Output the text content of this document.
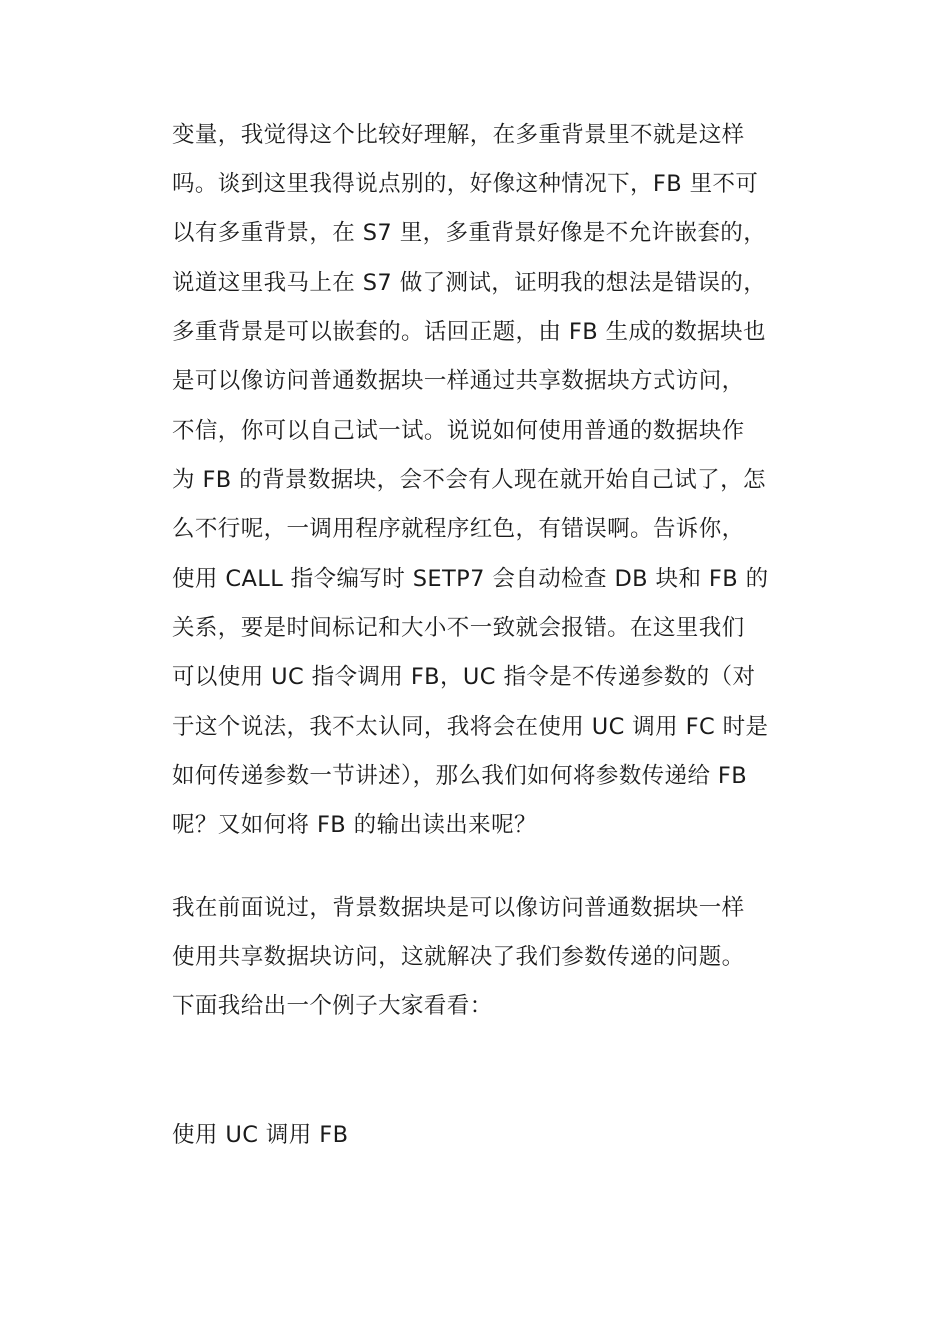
变量，我觉得这个比较好理解，在多重背景里不就是这样
吗。谈到这里我得说点别的，好像这种情况下，FB 里不可
以有多重背景，在 S7 里，多重背景好像是不允许嵌套的，
说道这里我马上在 S7 做了测试，证明我的想法是错误的，
多重背景是可以嵌套的。话回正题，由 FB 生成的数据块也
是可以像访问普通数据块一样通过共享数据块方式访问，
不信，你可以自己试一试。说说如何使用普通的数据块作
为 FB 的背景数据块，会不会有人现在就开始自己试了，怎
么不行呢，一调用程序就程序红色，有错误啊。告诉你，
使用 CALL 指令编写时 SETP7 会自动检查 DB 块和 FB 的
关系，要是时间标记和大小不一致就会报错。在这里我们
可以使用 UC 指令调用 FB，UC 指令是不传递参数的（对
于这个说法，我不太认同，我将会在使用 UC 调用 FC 时是
如何传递参数一节讲述），那么我们如何将参数传递给 FB
呢？又如何将 FB 的输出读出来呢？
我在前面说过，背景数据块是可以像访问普通数据块一样
使用共享数据块访问，这就解决了我们参数传递的问题。
下面我给出一个例子大家看看：
使用 UC 调用 FB
